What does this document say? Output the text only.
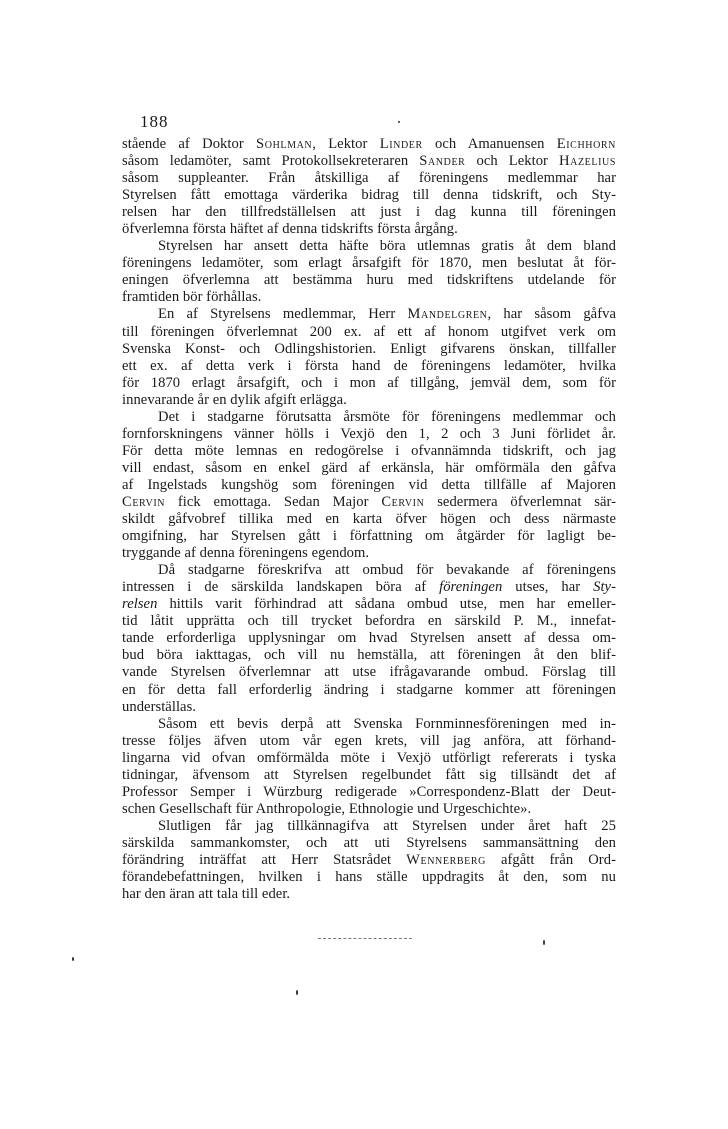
188
stående af Doktor Sohlman, Lektor Linder och Amanuensen Eichhorn
såsom ledamöter, samt Protokollsekreteraren Sander och Lektor Hazelius
såsom suppleanter. Från åtskilliga af föreningens medlemmar har
Styrelsen fått emottaga värderika bidrag till denna tidskrift, och Sty-
relsen har den tillfredställelsen att just i dag kunna till föreningen
öfverlemna första häftet af denna tidskrifts första årgång.
Styrelsen har ansett detta häfte böra utlemnas gratis åt dem bland
föreningens ledamöter, som erlagt årsafgift för 1870, men beslutat åt för-
eningen öfverlemna att bestämma huru med tidskriftens utdelande för
framtiden bör förhållas.
En af Styrelsens medlemmar, Herr Mandelgren, har såsom gåfva
till föreningen öfverlemnat 200 ex. af ett af honom utgifvet verk om
Svenska Konst- och Odlingshistorien. Enligt gifvarens önskan, tillfaller
ett ex. af detta verk i första hand de föreningens ledamöter, hvilka
för 1870 erlagt årsafgift, och i mon af tillgång, jemväl dem, som för
innevarande år en dylik afgift erlägga.
Det i stadgarne förutsatta årsmöte för föreningens medlemmar och
fornforskningens vänner hölls i Vexjö den 1, 2 och 3 Juni förlidet år.
För detta möte lemnas en redogörelse i ofvannämnda tidskrift, och jag
vill endast, såsom en enkel gärd af erkänsla, här omförmäla den gåfva
af Ingelstads kungshög som föreningen vid detta tillfälle af Majoren
Cervin fick emottaga. Sedan Major Cervin sedermera öfverlemnat sär-
skildt gåfvobref tillika med en karta öfver högen och dess närmaste
omgifning, har Styrelsen gått i författning om åtgärder för lagligt be-
tryggande af denna föreningens egendom.
Då stadgarne föreskrifva att ombud för bevakande af föreningens
intressen i de särskilda landskapen böra af föreningen utses, har Sty-
relsen hittils varit förhindrad att sådana ombud utse, men har emeller-
tid låtit upprätta och till trycket befordra en särskild P. M., innefat-
tande erforderliga upplysningar om hvad Styrelsen ansett af dessa om-
bud böra iakttagas, och vill nu hemställa, att föreningen åt den blif-
vande Styrelsen öfverlemnar att utse ifrågavarande ombud. Förslag till
en för detta fall erforderlig ändring i stadgarne kommer att föreningen
underställas.
Såsom ett bevis derpå att Svenska Fornminnesföreningen med in-
tresse följes äfven utom vår egen krets, vill jag anföra, att förhand-
lingarna vid ofvan omförmälda möte i Vexjö utförligt refererats i tyska
tidningar, äfvensom att Styrelsen regelbundet fått sig tillsändt det af
Professor Semper i Würzburg redigerade »Correspondenz-Blatt der Deut-
schen Gesellschaft für Anthropologie, Ethnologie und Urgeschichte».
Slutligen får jag tillkännagifva att Styrelsen under året haft 25
särskilda sammankomster, och att uti Styrelsens sammansättning den
förändring inträffat att Herr Statsrådet Wennerberg afgått från Ord-
förandebefattningen, hvilken i hans ställe uppdragits åt den, som nu
har den äran att tala till eder.
